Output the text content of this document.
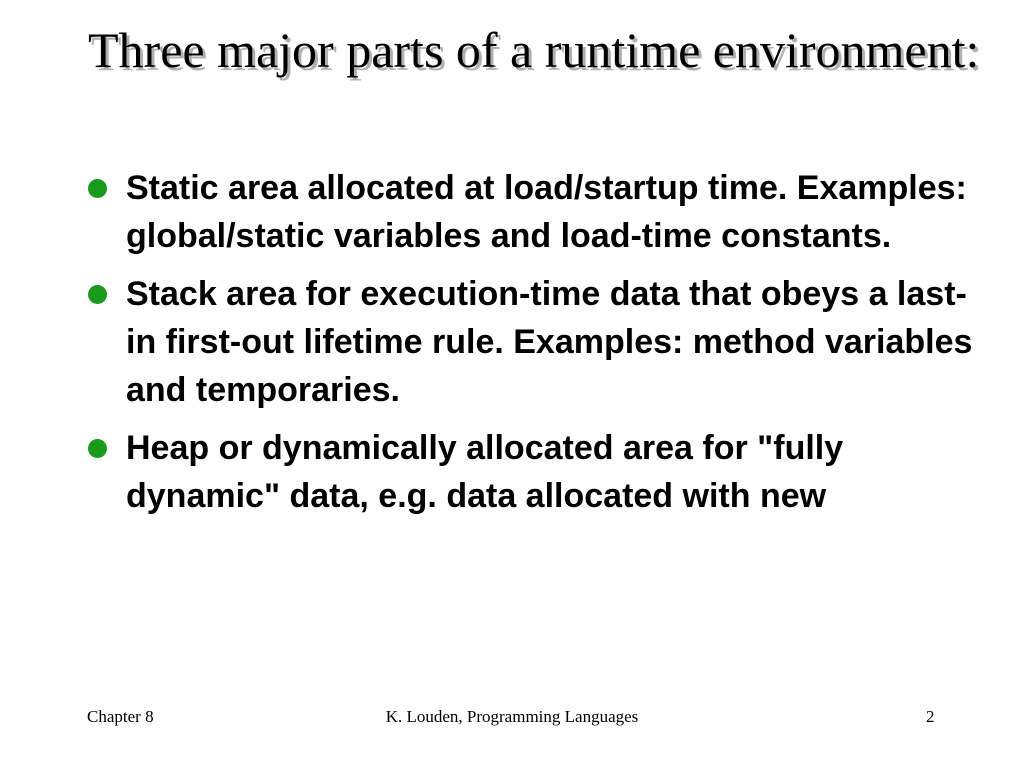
Three major parts of a runtime environment:
Static area allocated at load/startup time. Examples: global/static variables and load-time constants.
Stack area for execution-time data that obeys a last-in first-out lifetime rule. Examples: method variables and temporaries.
Heap or dynamically allocated area for "fully dynamic" data, e.g. data allocated with new
Chapter 8	K. Louden, Programming Languages	2
